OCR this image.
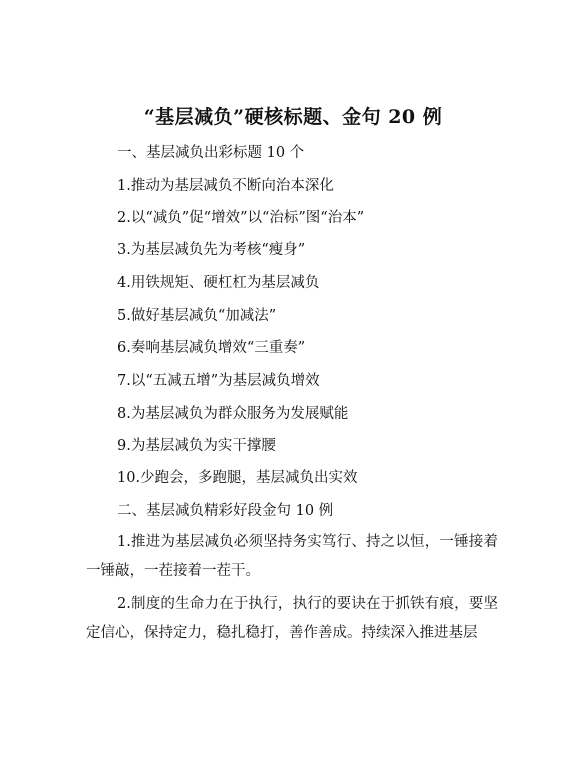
“基层减负”硬核标题、金句 20 例
一、基层减负出彩标题 10 个
1.推动为基层减负不断向治本深化
2.以“减负”促“增效”以“治标”图“治本”
3.为基层减负先为考核“瘦身”
4.用铁规矩、硬杠杠为基层减负
5.做好基层减负“加减法”
6.奏响基层减负增效“三重奏”
7.以“五减五增”为基层减负增效
8.为基层减负为群众服务为发展赋能
9.为基层减负为实干撑腰
10.少跑会，多跑腿，基层减负出实效
二、基层减负精彩好段金句 10 例
1.推进为基层减负必须坚持务实笃行、持之以恒，一锤接着一锤敲，一茬接着一茬干。
2.制度的生命力在于执行，执行的要诀在于抓铁有痕，要坚定信心，保持定力，稳扎稳打，善作善成。持续深入推进基层
